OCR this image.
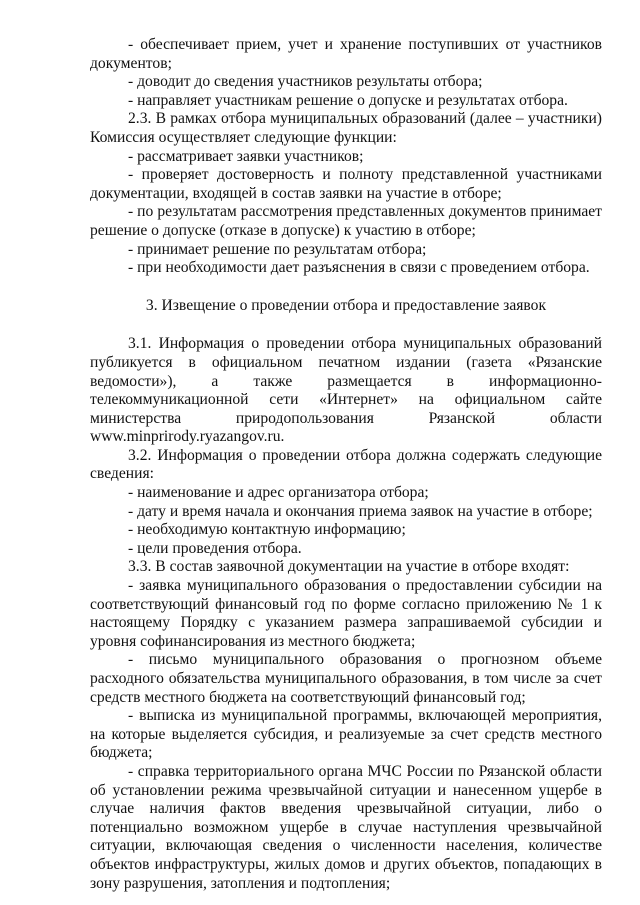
- обеспечивает прием, учет и хранение поступивших от участников документов;

- доводит до сведения участников результаты отбора;

- направляет участникам решение о допуске и результатах отбора.

2.3. В рамках отбора муниципальных образований (далее – участники) Комиссия осуществляет следующие функции:

- рассматривает заявки участников;

- проверяет достоверность и полноту представленной участниками документации, входящей в состав заявки на участие в отборе;

- по результатам рассмотрения представленных документов принимает решение о допуске (отказе в допуске) к участию в отборе;

- принимает решение по результатам отбора;

- при необходимости дает разъяснения в связи с проведением отбора.

3. Извещение о проведении отбора и предоставление заявок

3.1. Информация о проведении отбора муниципальных образований публикуется в официальном печатном издании (газета «Рязанские ведомости»), а также размещается в информационно-телекоммуникационной сети «Интернет» на официальном сайте министерства природопользования Рязанской области www.minprirody.ryazangov.ru.

3.2. Информация о проведении отбора должна содержать следующие сведения:

- наименование и адрес организатора отбора;

- дату и время начала и окончания приема заявок на участие в отборе;

- необходимую контактную информацию;

- цели проведения отбора.

3.3. В состав заявочной документации на участие в отборе входят:

- заявка муниципального образования о предоставлении субсидии на соответствующий финансовый год по форме согласно приложению № 1 к настоящему Порядку с указанием размера запрашиваемой субсидии и уровня софинансирования из местного бюджета;

- письмо муниципального образования о прогнозном объеме расходного обязательства муниципального образования, в том числе за счет средств местного бюджета на соответствующий финансовый год;

- выписка из муниципальной программы, включающей мероприятия, на которые выделяется субсидия, и реализуемые за счет средств местного бюджета;

- справка территориального органа МЧС России по Рязанской области об установлении режима чрезвычайной ситуации и нанесенном ущербе в случае наличия фактов введения чрезвычайной ситуации, либо о потенциально возможном ущербе в случае наступления чрезвычайной ситуации, включающая сведения о численности населения, количестве объектов инфраструктуры, жилых домов и других объектов, попадающих в зону разрушения, затопления и подтопления;
